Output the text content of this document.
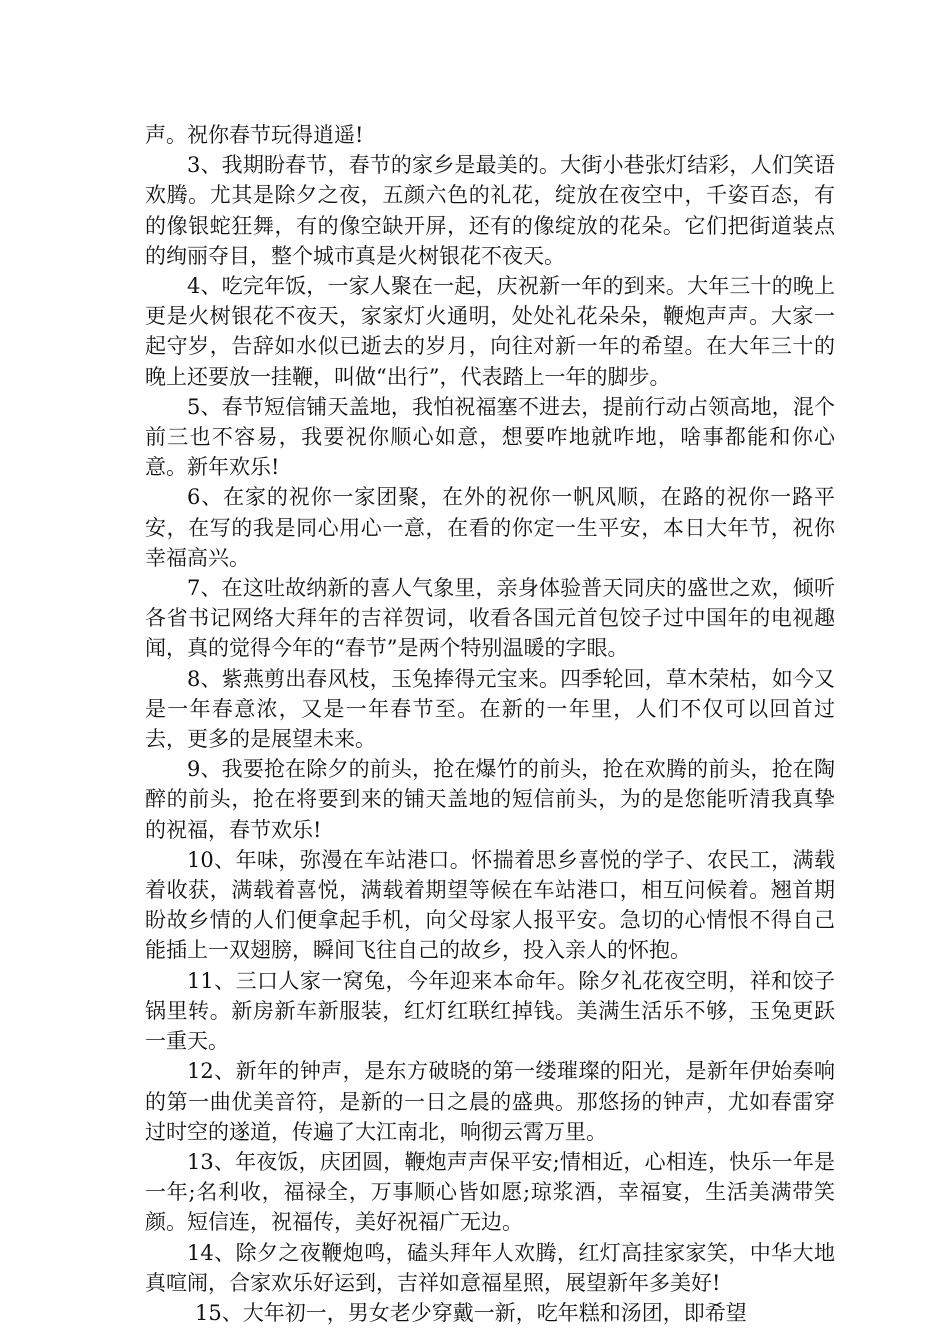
声。祝你春节玩得逍遥!

3、我期盼春节，春节的家乡是最美的。大街小巷张灯结彩，人们笑语欢腾。尤其是除夕之夜，五颜六色的礼花，绽放在夜空中，千姿百态，有的像银蛇狂舞，有的像空缺开屏，还有的像绽放的花朵。它们把街道装点的绚丽夺目，整个城市真是火树银花不夜天。

4、吃完年饭，一家人聚在一起，庆祝新一年的到来。大年三十的晚上更是火树银花不夜天，家家灯火通明，处处礼花朵朵，鞭炮声声。大家一起守岁，告辞如水似已逝去的岁月，向往对新一年的希望。在大年三十的晚上还要放一挂鞭，叫做“出行”，代表踏上一年的脚步。

5、春节短信铺天盖地，我怕祝福塞不进去，提前行动占领高地，混个前三也不容易，我要祝你顺心如意，想要咋地就咋地，啥事都能和你心意。新年欢乐!

6、在家的祝你一家团聚，在外的祝你一帆风顺，在路的祝你一路平安，在写的我是同心用心一意，在看的你定一生平安，本日大年节，祝你幸福高兴。

7、在这吐故纳新的喜人气象里，亲身体验普天同庆的盛世之欢，倾听各省书记网络大拜年的吉祥贺词，收看各国元首包饺子过中国年的电视趣闻，真的觉得今年的“春节”是两个特别温暖的字眼。

8、紫燕剪出春风枝，玉兔捧得元宝来。四季轮回，草木荣枯，如今又是一年春意浓，又是一年春节至。在新的一年里，人们不仅可以回首过去，更多的是展望未来。

9、我要抢在除夕的前头，抢在爆竹的前头，抢在欢腾的前头，抢在陶醉的前头，抢在将要到来的铺天盖地的短信前头，为的是您能听清我真挚的祝福，春节欢乐!

10、年味，弥漫在车站港口。怀揣着思乡喜悦的学子、农民工，满载着收获，满载着喜悦，满载着期望等候在车站港口，相互问候着。翘首期盼故乡情的人们便拿起手机，向父母家人报平安。急切的心情恨不得自己能插上一双翅膀，瞬间飞往自己的故乡，投入亲人的怀抱。

11、三口人家一窝兔，今年迎来本命年。除夕礼花夜空明，祥和饺子锅里转。新房新车新服装，红灯红联红掉钱。美满生活乐不够，玉兔更跃一重天。

12、新年的钟声，是东方破晓的第一缕璀璨的阳光，是新年伊始奏响的第一曲优美音符，是新的一日之晨的盛典。那悠扬的钟声，尤如春雷穿过时空的遂道，传遍了大江南北，响彻云霄万里。

13、年夜饭，庆团圆，鞭炮声声保平安;情相近，心相连，快乐一年是一年;名利收，福禄全，万事顺心皆如愿;琼浆酒，幸福宴，生活美满带笑颜。短信连，祝福传，美好祝福广无边。

14、除夕之夜鞭炮鸣，磕头拜年人欢腾，红灯高挂家家笑，中华大地真喧闹，合家欢乐好运到，吉祥如意福星照，展望新年多美好!

15、大年初一，男女老少穿戴一新，吃年糕和汤团，即希望
